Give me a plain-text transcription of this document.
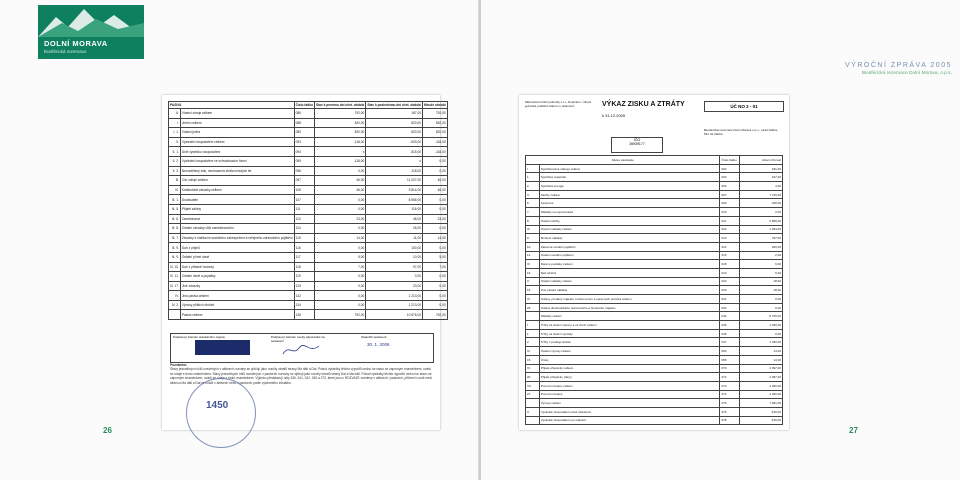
DOLNÍ MORAVA
biosférická rezervace
PASIVA		Číslo řádku	Stav k prvnímu dni účet. období	Stav k poslednímu dni účet. období	Minulé období
A.	Vlastní zdroje celkem	086	792,00	187,00	792,00
I.	Jmění celkem	088	820,00	820,00	820,00
I. 1.	Vlastní jmění	089	820,00	820,00	820,00
II.	Výsledek hospodaření celkem	093	-118,00	-633,00	-118,00
II. 1.	Účet výsledku hospodaření	094	x	-515,00	-118,00
II. 2.	Výsledek hospodaření ve schvalovacím řízení	095	-118,00	x	0,00
II. 3.	Nerozdělený zisk, neuhrazená ztráta minulých let	096	0,00	-118,00	0,00
B.	Cizí zdroje celkem	097	46,00	11 027,00	46,00
III.	Krátkodobé závazky celkem	106	46,00	9 814,00	46,00
III. 1.	Dodavatelé	107	0,00	8 556,00	0,00
III. 5.	Přijaté zálohy	111	0,00	116,00	0,00
III. 6.	Zaměstnanci	113	23,00	46,00	23,00
III. 8.	Ostatní závazky vůči zaměstnancům	114	0,00	26,00	0,00
III. 7.	Závazky k institucím sociálního zabezpečení a veřejného zdravotního pojištění	115	14,00	11,00	14,00
III. 9.	Daň z příjmů	116	0,00	100,00	0,00
III. 9.	Ostatní přímé daně	117	5,00	10,00	5,00
III. 10.	Daň z přidané hodnoty	118	7,00	97,00	7,00
III. 11.	Ostatní daně a poplatky	119	0,00	0,00	0,00
III. 17.	Jiné závazky	125	0,00	20,00	0,00
IV.	Jiná pasiva celkem	132	0,00	1 213,00	0,00
IV. 2.	Výnosy příštích období	134	0,00	1 213,00	0,00
	Pasiva celkem	136	792,00	10 876,00	792,00
Podpisový záznam statutárního orgánu	Podpisový záznam osoby odpovědné za sestavení
Okamžik sestavení:
30. 1. 2006
Poznámka:
Stavy jednotlivých účtů uvedených v aktivech rozvahy se zjišťují jako rozdíly obratů strany Má dáti a Dal. Pokud výsledky těchto výpočtů vedou ke stavu se záporným znaménkem, uvádí se údaje s tímto znaménkem. Stavy jednotlivých účtů uvedených v pasivech rozvahy se zjišťují jako rozdíly obratů strany Dal a Má dáti. Pokud výsledky těchto výpočtů vedou ke stavu se záporným znaménkem, uvádí se údaje s tímto znaménkem. Výjimku představují účty 336, 341, 342, 345 a 373, které jsou v ROZVAZE uvedeny v aktivech i pasivech, přičemž rozdíl mezi stranou Má dáti a Dal se uvádí v aktivech nebo v pasivech podle výsledného zůstatku.
1450
26
VÝROČNÍ ZPRÁVA 2005
Biosférická rezervace Dolní Morava, o.p.s.
Mikroúčetní řídicí jednotky s.r.o. Doplněno. Účetní jednotka podléhá zákonu o účetnictví	VÝKAZ ZISKU A ZTRÁTY
k 31.12.2005
ÚČ NO 2 - 01
Biosférická rezervace Dolní Morava o.p.s., Hrad Valtice, 691 42 Valtice
IČO
26939177
Název ukazatele		Číslo řádku	Hlavní činnost
I.	Spotřebované nákupy celkem	002	181,00
1.	Spotřeba materiálu	003	167,00
2.	Spotřeba energie	004	4,00
II.	Služby celkem	007	7 215,00
6.	Cestovné	009	340,00
7.	Náklady na reprezentaci	010	2,00
8.	Ostatní služby	011	6 869,00
III.	Osobní náklady celkem	012	1 094,00
9.	Mzdové náklady	013	797,00
10.	Zákonné sociální pojištění	014	260,00
11.	Ostatní sociální pojištění	015	2,00
IV.	Daně a poplatky celkem	018	6,00
16.	Daň silniční	019	6,00
V.	Ostatní náklady celkem	023	18,00
16.	Jiné ostatní náklady	030	18,00
VI.	Odpisy, prodaný majetek, tvorba rezerv a opravných položek celkem	031	0,00
25.	Odpisy dlouhodobého nehmotného a hmotného majetku	032	0,00
	Náklady celkem	042	8 476,00
I.	Tržby za vlastní výkony a za zboží celkem	045	1 450,00
1.	Tržby za vlastní výrobky	046	0,00
2.	Tržby z prodeje služeb	047	1 450,00
IV.	Ostatní výnosy celkem	052	14,00
15.	Úroky	055	14,00
VI.	Přijaté příspěvky celkem	070	2 097,00
20.	Přijaté příspěvky (dary)	072	2 097,00
VII.	Provozní dotace celkem	073	4 400,00
27.	Provozní dotace	074	4 400,00
	Výnosy celkem	075	7 961,00
C.	Výsledek hospodaření před zdaněním	076	-515,00
	Výsledek hospodaření po zdanění	078	-515,00
27
